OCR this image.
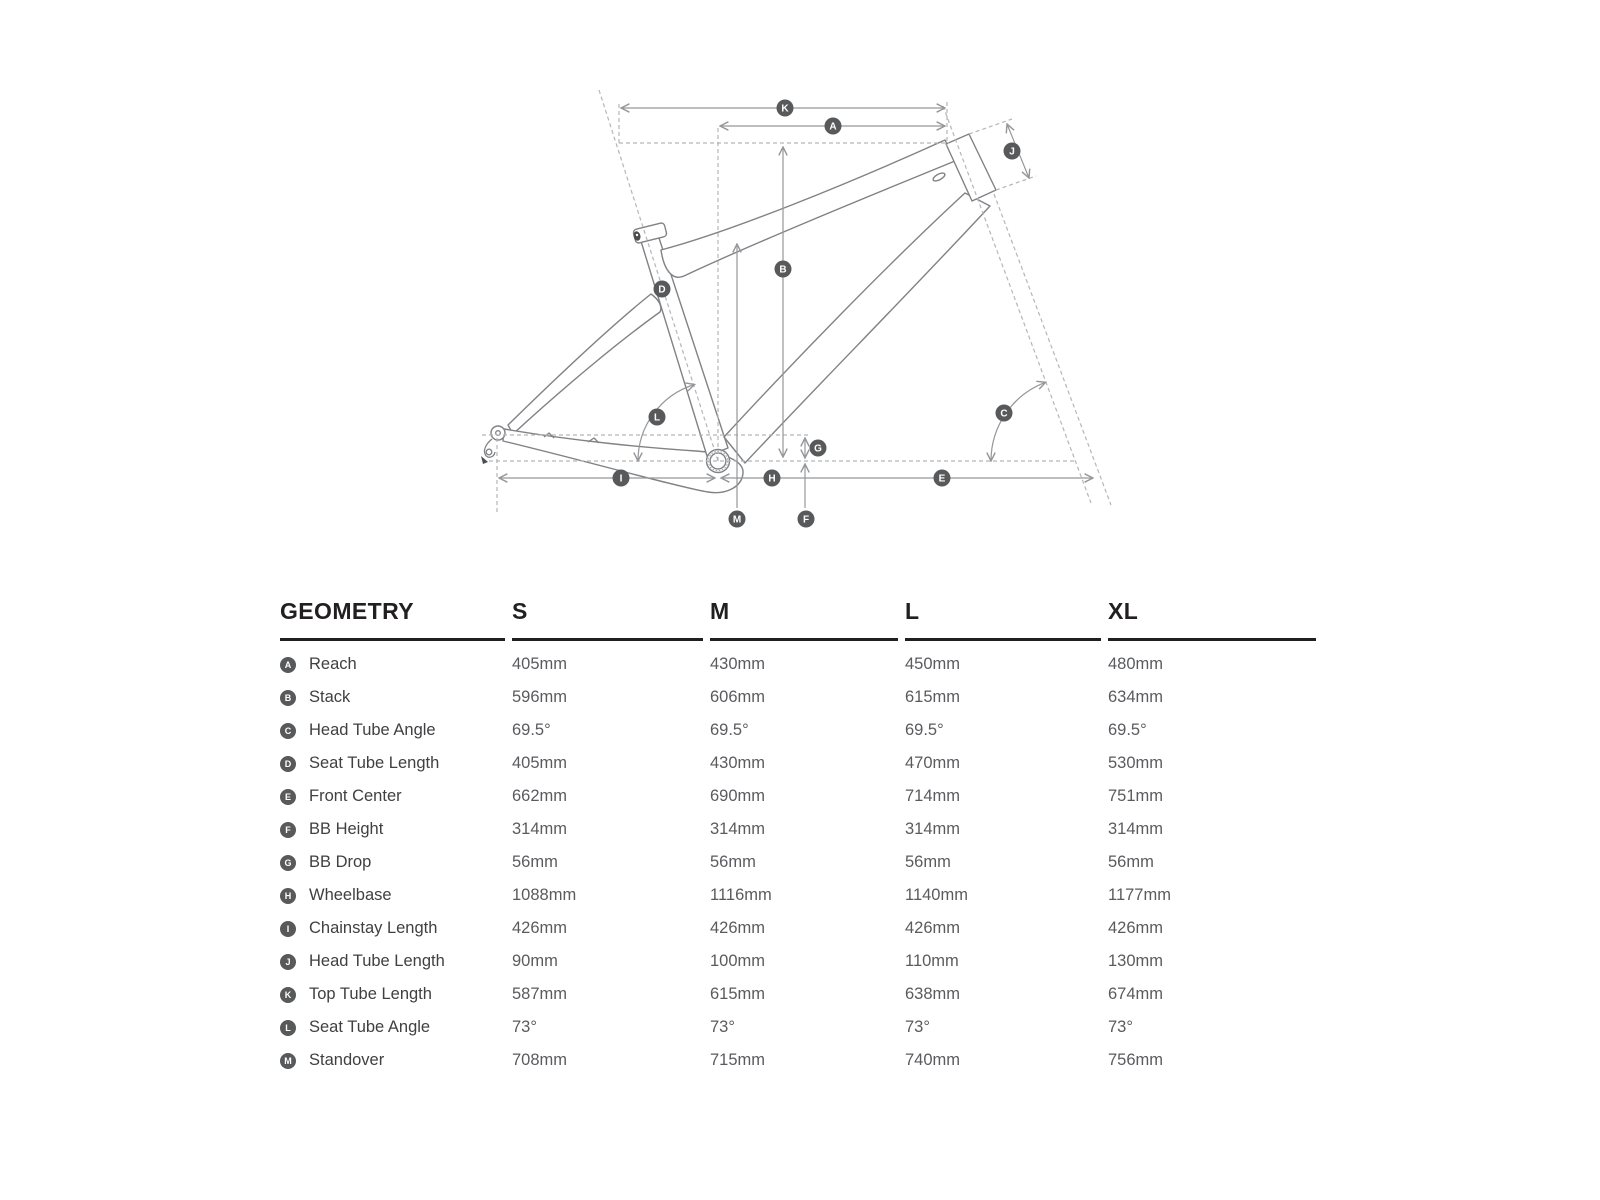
K
A
J
B
D
L	C
G
I	H	E
M	F
GEOMETRY	S	M	L	XL
A Reach	405mm	430mm	450mm	480mm
B Stack	596mm	606mm	615mm	634mm
C Head Tube Angle	69.5°	69.5°	69.5°	69.5°
D Seat Tube Length	405mm	430mm	470mm	530mm
E	Front Center	662mm	690mm	714mm	751mm
F	BB Height	314mm	314mm	314mm	314mm
G BB Drop	56mm	56mm	56mm	56mm
H Wheelbase	1088mm	1116mm	1140mm	1177mm
I	Chainstay Length	426mm	426mm	426mm	426mm
J	Head Tube Length	90mm	100mm	110mm	130mm
K Top Tube Length	587mm	615mm	638mm	674mm
L	Seat Tube Angle	73°	73°	73°	73°
M Standover	708mm	715mm	740mm	756mm
